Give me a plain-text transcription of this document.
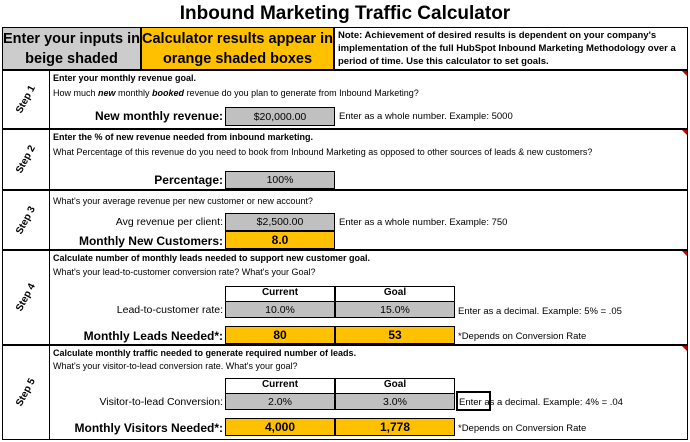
Inbound Marketing Traffic Calculator
Enter your inputs in beige shaded
Calculator results appear in orange shaded boxes
Note: Achievement of desired results is dependent on your company's implementation of the full HubSpot Inbound Marketing Methodology over a period of time. Use this calculator to set goals.
Step 1
Enter your monthly revenue goal.
How much new monthly booked revenue do you plan to generate from Inbound Marketing?
New monthly revenue:	$20,000.00	Enter as a whole number. Example: 5000
Step 2
Enter the % of new revenue needed from inbound marketing.
What Percentage of this revenue do you need to book from Inbound Marketing as opposed to other sources of leads & new customers?
Percentage:	100%
Step 3
What's your average revenue per new customer or new account?
Avg revenue per client:	$2,500.00	Enter as a whole number. Example: 750
Monthly New Customers:	8.0
Step 4
Calculate number of monthly leads needed to support new customer goal.
What's your lead-to-customer conversion rate? What's your Goal?
Current	Goal
Lead-to-customer rate:	10.0%	15.0%	Enter as a decimal. Example: 5% = .05
Monthly Leads Needed*:	80	53	*Depends on Conversion Rate
Step 5
Calculate monthly traffic needed to generate required number of leads.
What's your visitor-to-lead conversion rate. What's your goal?
Current	Goal
Visitor-to-lead Conversion:	2.0%	3.0%	Enter as a decimal. Example: 4% = .04
Monthly Visitors Needed*:	4,000	1,778	*Depends on Conversion Rate
